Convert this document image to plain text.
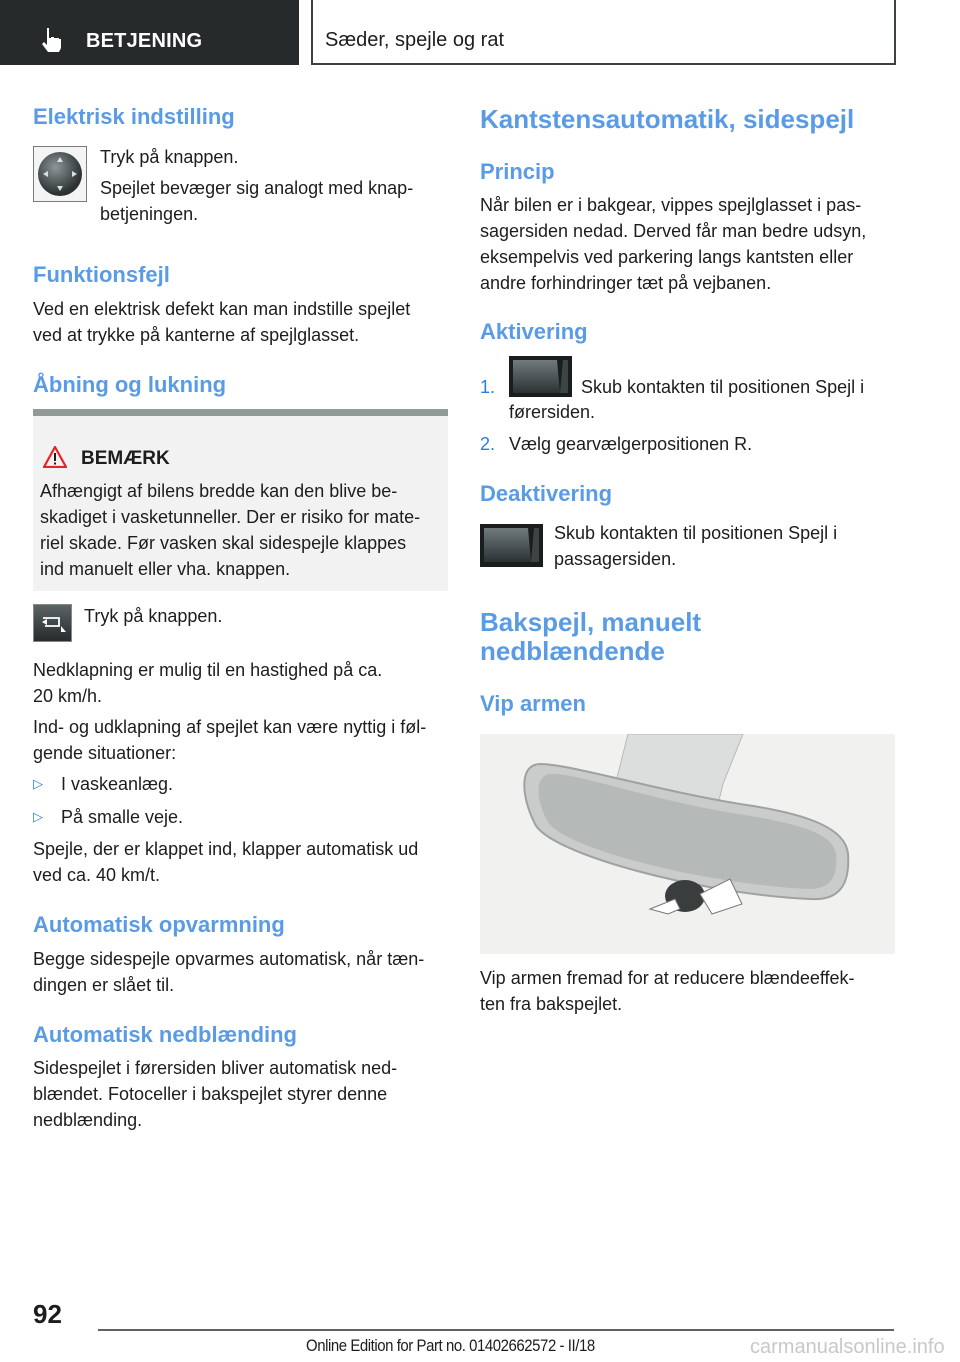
BETJENING	Sæder, spejle og rat
Elektrisk indstilling
Tryk på knappen.
Spejlet bevæger sig analogt med knap-
betjeningen.
Funktionsfejl
Ved en elektrisk defekt kan man indstille spejlet
ved at trykke på kanterne af spejlglasset.
Åbning og lukning
BEMÆRK
Afhængigt af bilens bredde kan den blive be-
skadiget i vasketunneller. Der er risiko for mate-
riel skade. Før vasken skal sidespejle klappes
ind manuelt eller vha. knappen.
Tryk på knappen.
Nedklapning er mulig til en hastighed på ca.
20 km/h.
Ind- og udklapning af spejlet kan være nyttig i føl-
gende situationer:
▷ I vaskeanlæg.
▷ På smalle veje.
Spejle, der er klappet ind, klapper automatisk ud
ved ca. 40 km/t.
Automatisk opvarmning
Begge sidespejle opvarmes automatisk, når tæn-
dingen er slået til.
Automatisk nedblænding
Sidespejlet i førersiden bliver automatisk ned-
blændet. Fotoceller i bakspejlet styrer denne
nedblænding.
Kantstensautomatik, sidespejl
Princip
Når bilen er i bakgear, vippes spejlglasset i pas-
sagersiden nedad. Derved får man bedre udsyn,
eksempelvis ved parkering langs kantsten eller
andre forhindringer tæt på vejbanen.
Aktivering
1.	Skub kontakten til positionen Spejl i
førersiden.
2. Vælg gearvælgerpositionen R.
Deaktivering
Skub kontakten til positionen Spejl i
passagersiden.
Bakspejl, manuelt
nedblændende
Vip armen
Vip armen fremad for at reducere blændeeffek-
ten fra bakspejlet.
92
Online Edition for Part no. 01402662572 - II/18	carmanualsonline.info
